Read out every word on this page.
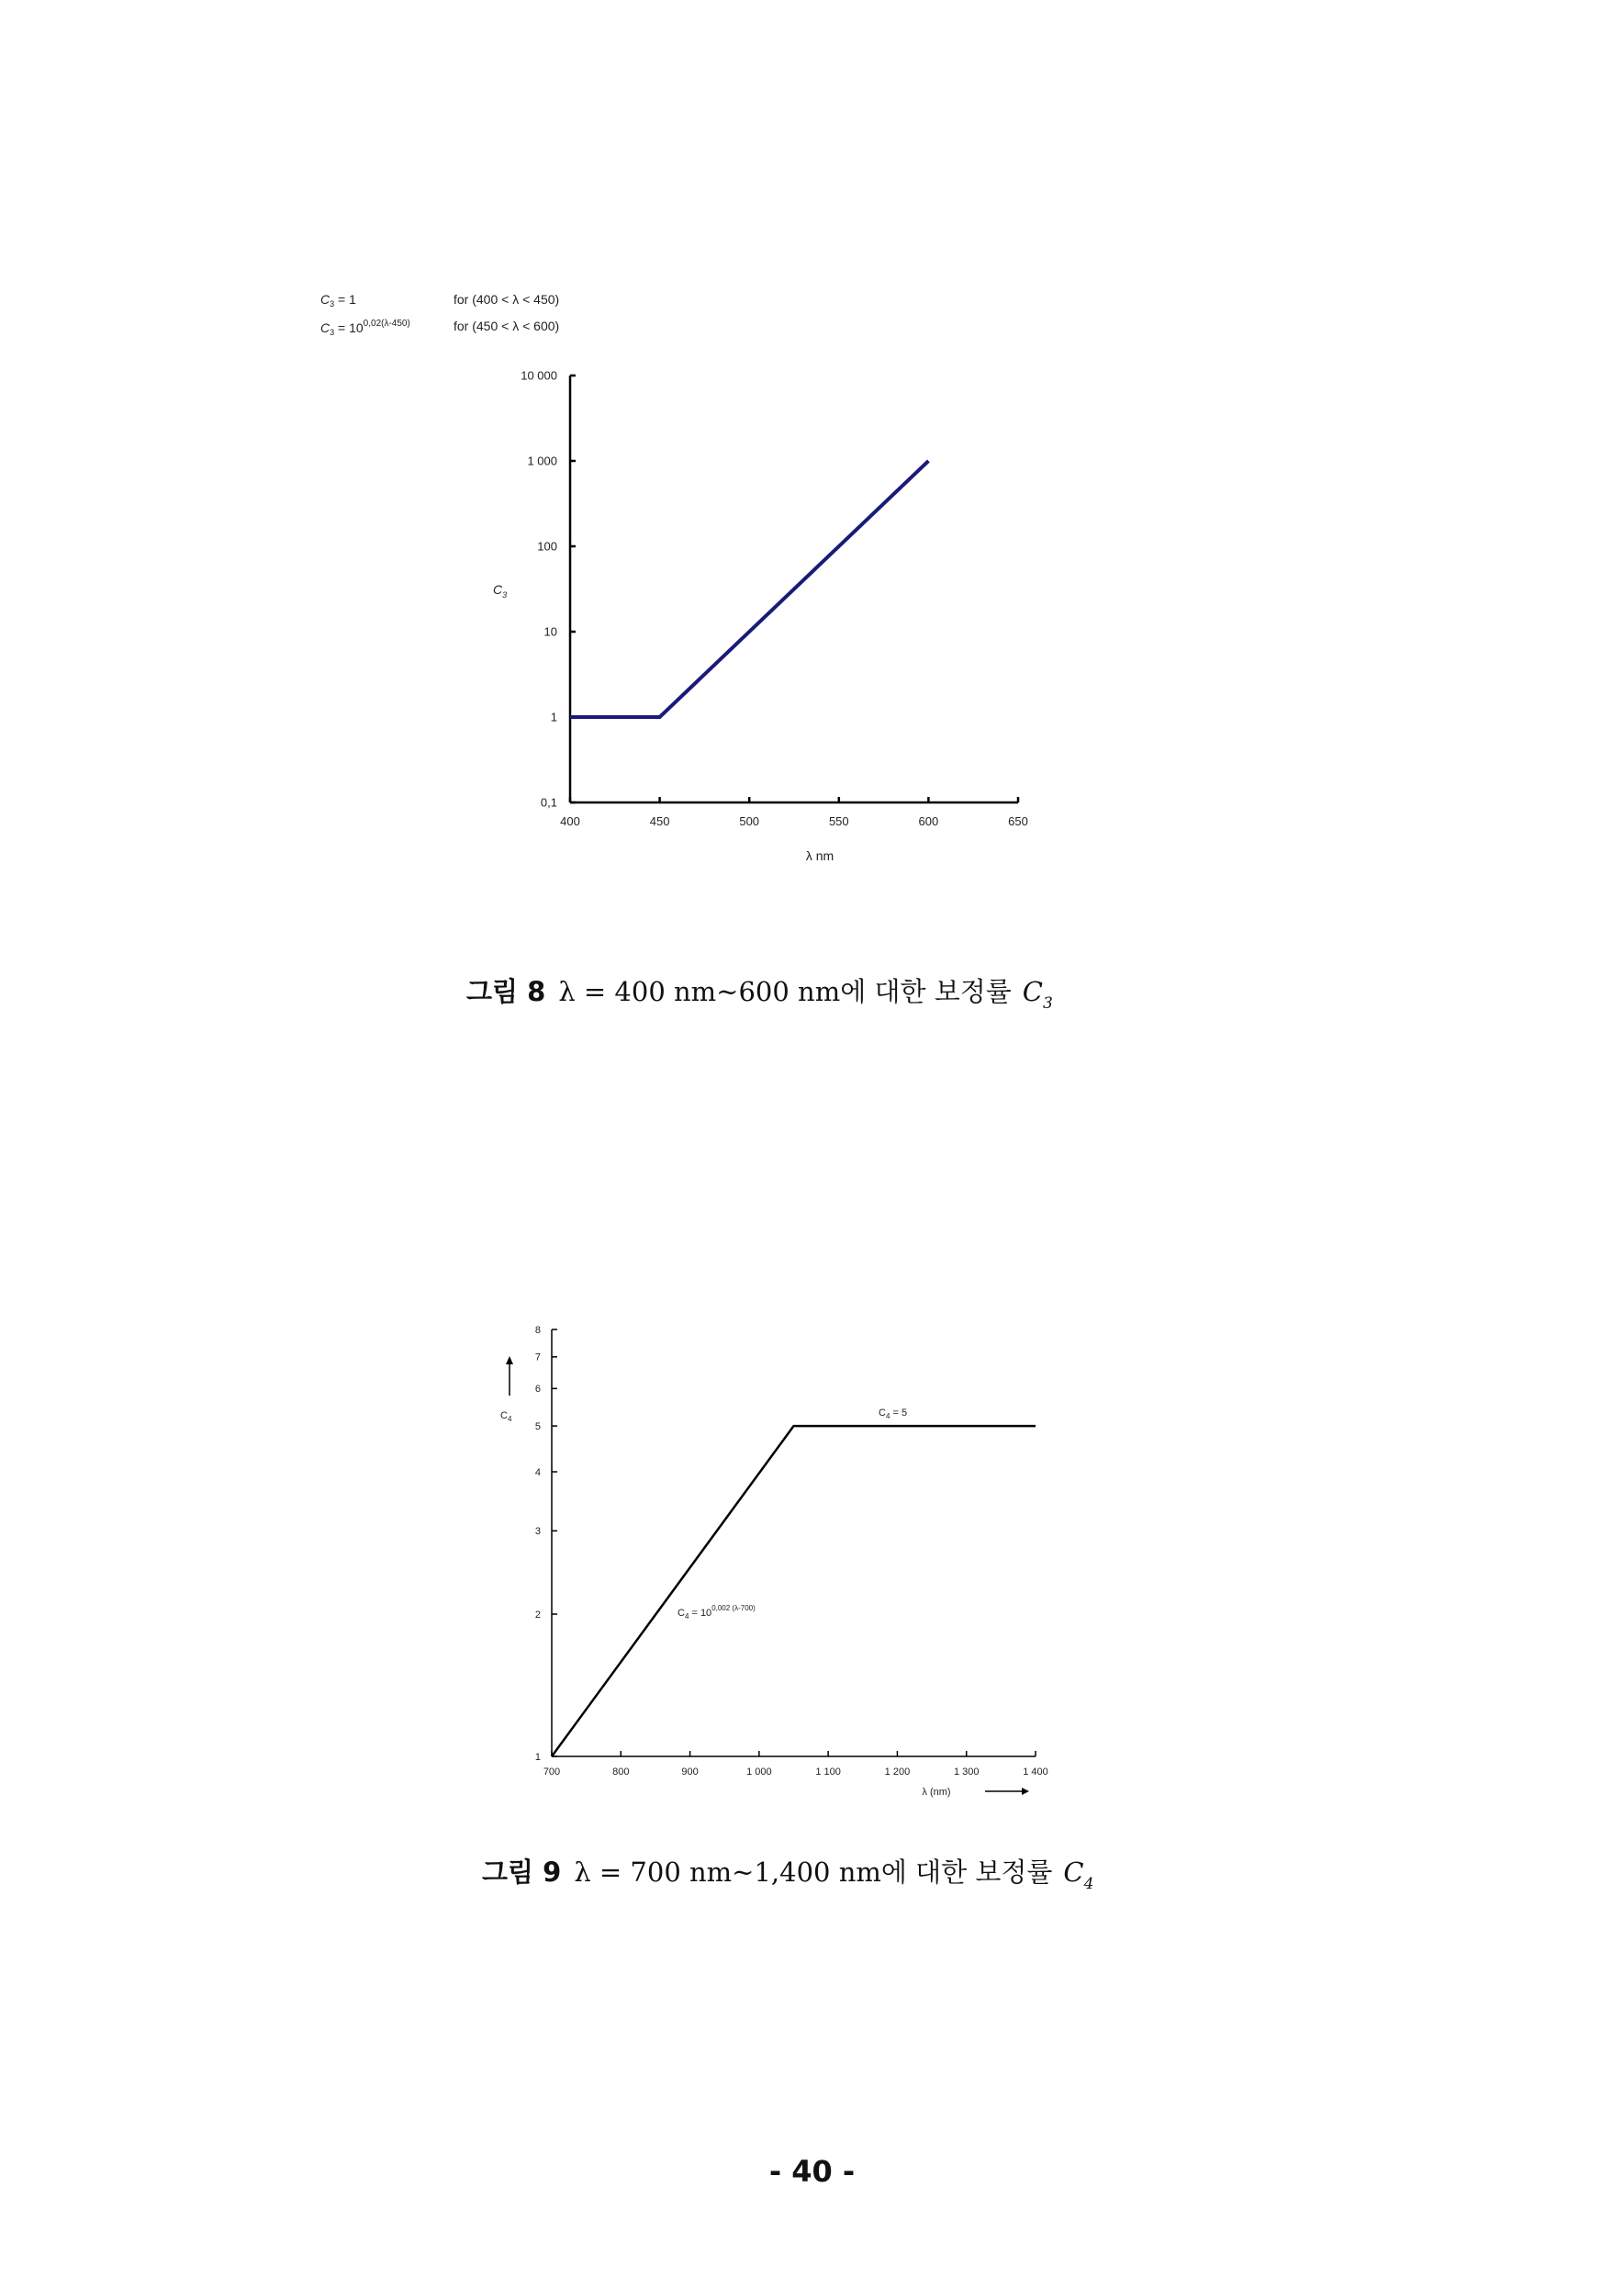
$C_3 = 1$	for (400 < λ < 450)
$C_3 = 10^{0,02(\lambda-450)}$	for (450 < λ < 600)
400	450	500	550	600	650
10 000
1 000
100
10
1
0,1
λ nm
$C_3$
그림 8 λ = 400 nm~600 nm에 대한 보정률 $C_3$
700	800	900	1 000	1 100	1 200	1 300	1 400
1
2
3
4
5
6
7
8
λ (nm)
$C_4$
$C_4 = 5$
$C_4 = 10^{0,002 (\lambda-700)}$
그림 9 λ = 700 nm~1,400 nm에 대한 보정률 $C_4$
- 40 -
